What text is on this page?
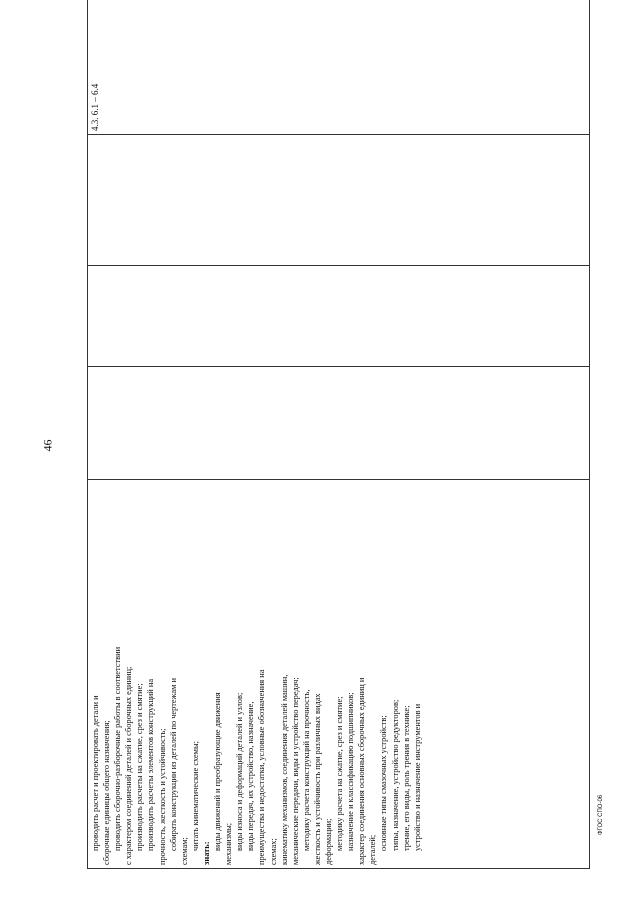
46
проводить расчет и проектировать детали и сборочные единицы общего назначения; проводить сборочно-разборочные работы в соответствии с характером соединений деталей и сборочных единиц; производить расчеты на сжатие, срез и смятие; производить расчеты элементов конструкций на прочность, жесткость и устойчивость; собирать конструкции из деталей по чертежам и
схемам;
читать кинематические схемы;
знать:
виды движений и преобразующие движения механизмы; виды износа и деформаций деталей и узлов; виды передач, их устройство, назначение, преимущества и недостатки, условные обозначения на схемах; кинематику механизмов, соединения деталей машин, механические передачи, виды и устройство передач; методику расчета конструкций на прочность, жесткость и устойчивость при различных видах деформации; методику расчета на сжатие, срез и смятие; назначение и классификацию подшипников; характер соединения основных сборочных единиц и деталей; основные типы смазочных устройств; типы, назначение, устройство редукторов; трение, его виды, роль трения в технике; устройство и назначение инструментов и
				4.3. 6.1 – 6.4
ФГОС СПО-06
